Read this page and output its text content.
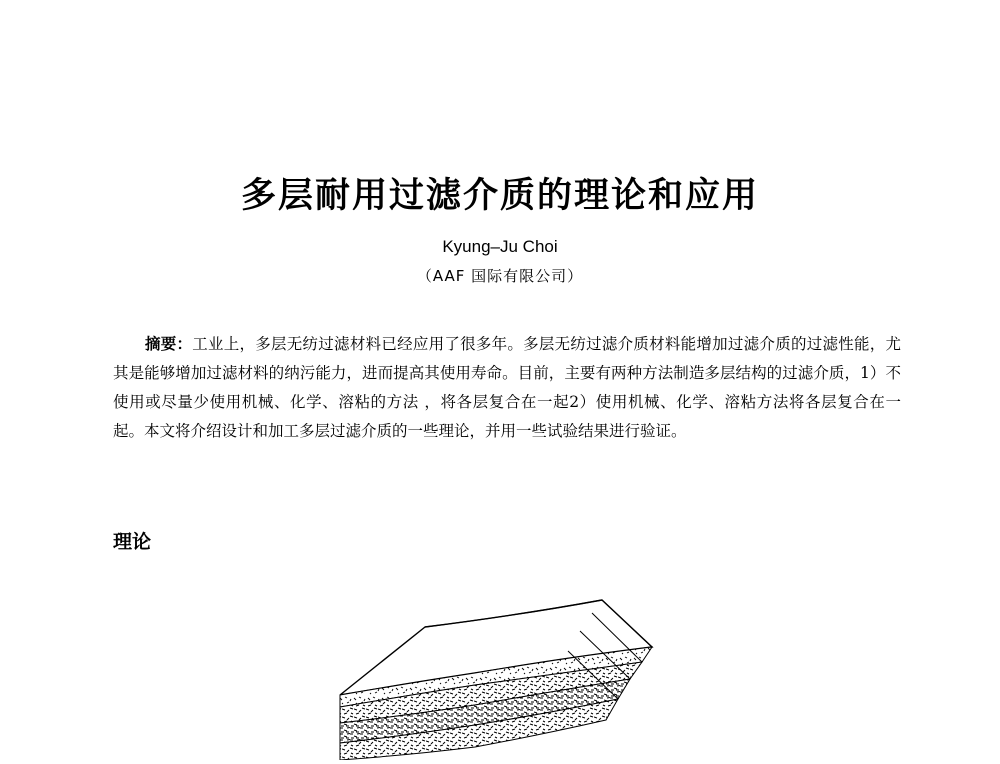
多层耐用过滤介质的理论和应用
Kyung–Ju Choi
（AAF 国际有限公司）

摘要：工业上，多层无纺过滤材料已经应用了很多年。多层无纺过滤介质材料能增加过滤介质的过滤性能，尤其是能够增加过滤材料的纳污能力，进而提高其使用寿命。目前，主要有两种方法制造多层结构的过滤介质，1）不使用或尽量少使用机械、化学、溶粘的方法 ，将各层复合在一起2）使用机械、化学、溶粘方法将各层复合在一起。本文将介绍设计和加工多层过滤介质的一些理论，并用一些试验结果进行验证。

理论
